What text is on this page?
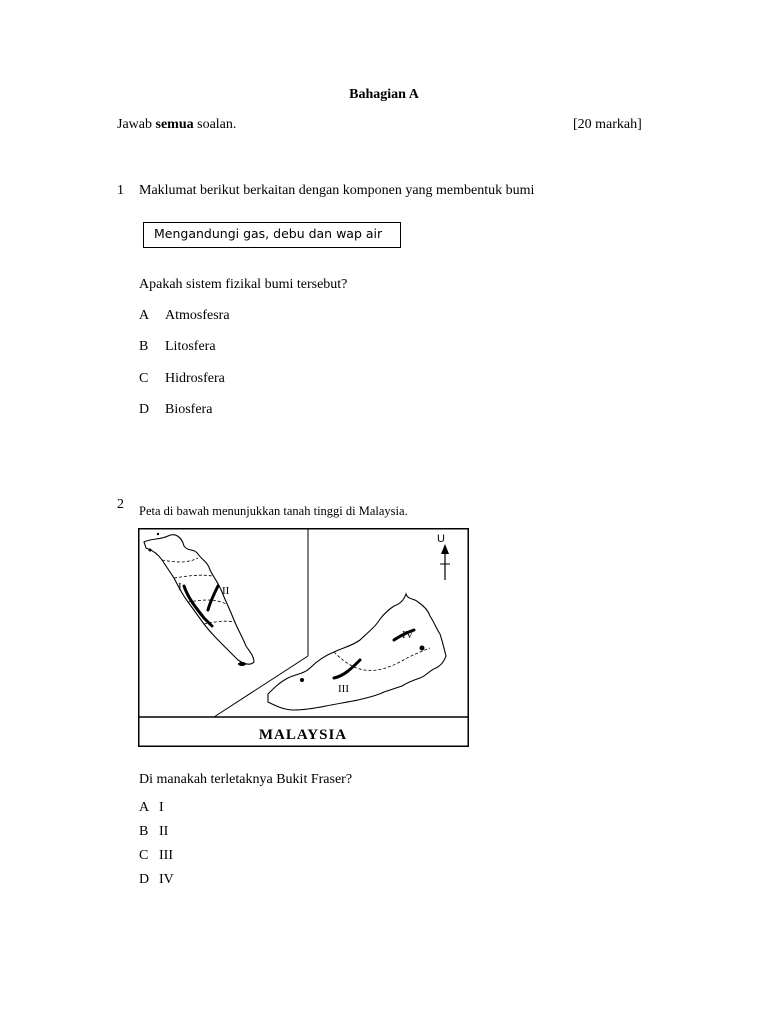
Bahagian A
Jawab semua soalan.	[20 markah]
1 Maklumat berikut berkaitan dengan komponen yang membentuk bumi
Mengandungi gas, debu dan wap air
Apakah sistem fizikal bumi tersebut?
A Atmosfesra
B Litosfera
C Hidrosfera
D Biosfera
2 Peta di bawah menunjukkan tanah tinggi di Malaysia.
U
I	II
III
IV
MALAYSIA
Di manakah terletaknya Bukit Fraser?
A I
B II
C III
D IV
